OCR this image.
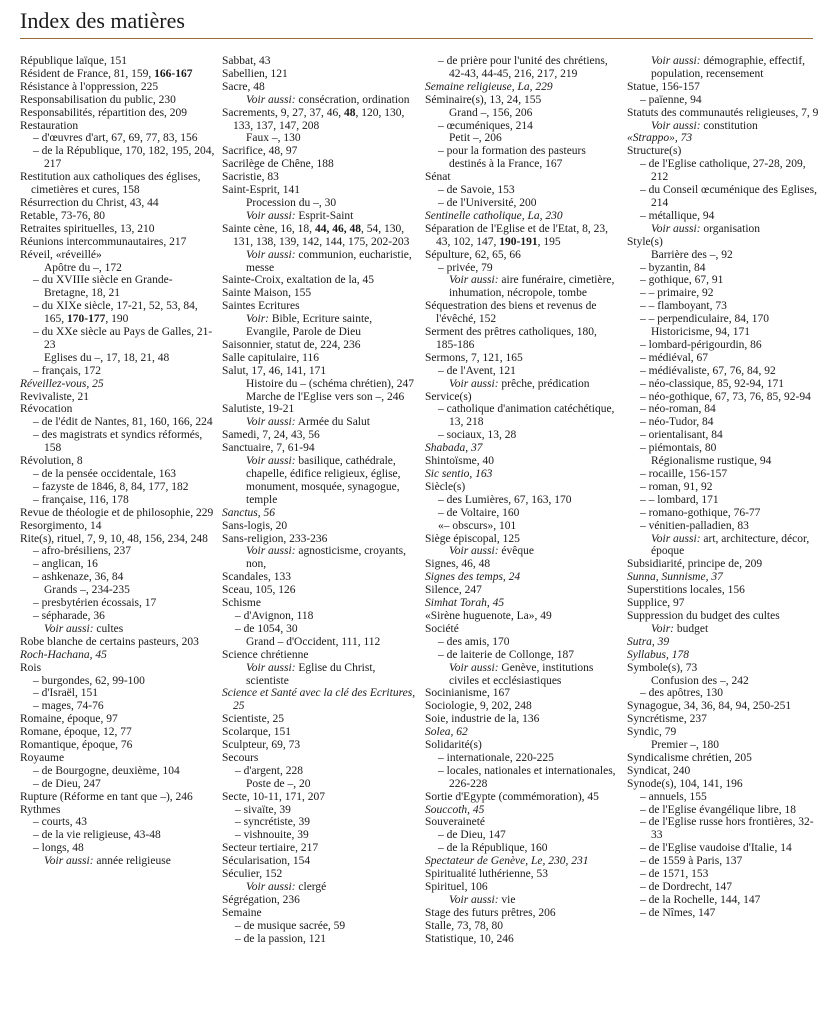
Index des matières
République laïque, 151
Résident de France, 81, 159, 166-167
Résistance à l'oppression, 225
Responsabilisation du public, 230
Responsabilités, répartition des, 209
Restauration
– d'œuvres d'art, 67, 69, 77, 83, 156
– de la République, 170, 182, 195, 204, 217
Restitution aux catholiques des églises, cimetières et cures, 158
Résurrection du Christ, 43, 44
Retable, 73-76, 80
Retraites spirituelles, 13, 210
Réunions intercommunautaires, 217
Réveil, «réveillé»
Apôtre du –, 172
– du XVIIIe siècle en Grande-Bretagne, 18, 21
– du XIXe siècle, 17-21, 52, 53, 84, 165, 170-177, 190
– du XXe siècle au Pays de Galles, 21-23
Eglises du –, 17, 18, 21, 48
– français, 172
Réveillez-vous, 25
Revivaliste, 21
Révocation
– de l'édit de Nantes, 81, 160, 166, 224
– des magistrats et syndics réformés, 158
Révolution, 8
– de la pensée occidentale, 163
– fazyste de 1846, 8, 84, 177, 182
– française, 116, 178
Revue de théologie et de philosophie, 229
Resorgimento, 14
Rite(s), rituel, 7, 9, 10, 48, 156, 234, 248
– afro-brésiliens, 237
– anglican, 16
– ashkenaze, 36, 84
Grands –, 234-235
– presbytérien écossais, 17
– sépharade, 36
Voir aussi: cultes
Robe blanche de certains pasteurs, 203
Roch-Hachana, 45
Rois
– burgondes, 62, 99-100
– d'Israël, 151
– mages, 74-76
Romaine, époque, 97
Romane, époque, 12, 77
Romantique, époque, 76
Royaume
– de Bourgogne, deuxième, 104
– de Dieu, 247
Rupture (Réforme en tant que –), 246
Rythmes
– courts, 43
– de la vie religieuse, 43-48
– longs, 48
Voir aussi: année religieuse
Sabbat, 43
Sabellien, 121
Sacre, 48
Voir aussi: consécration, ordination
Sacrements, 9, 27, 37, 46, 48, 120, 130, 133, 137, 147, 208
Faux –, 130
Sacrifice, 48, 97
Sacrilège de Chêne, 188
Sacristie, 83
Saint-Esprit, 141
Procession du –, 30
Voir aussi: Esprit-Saint
Sainte cène, 16, 18, 44, 46, 48, 54, 130, 131, 138, 139, 142, 144, 175, 202-203
Voir aussi: communion, eucharistie, messe
Sainte-Croix, exaltation de la, 45
Sainte Maison, 155
Saintes Ecritures
Voir: Bible, Ecriture sainte, Evangile, Parole de Dieu
Saisonnier, statut de, 224, 236
Salle capitulaire, 116
Salut, 17, 46, 141, 171
Histoire du – (schéma chrétien), 247
Marche de l'Eglise vers son –, 246
Salutiste, 19-21
Voir aussi: Armée du Salut
Samedi, 7, 24, 43, 56
Sanctuaire, 7, 61-94
Voir aussi: basilique, cathédrale, chapelle, édifice religieux, église, monument, mosquée, synagogue, temple
Sanctus, 56
Sans-logis, 20
Sans-religion, 233-236
Voir aussi: agnosticisme, croyants, non,
Scandales, 133
Sceau, 105, 126
Schisme
– d'Avignon, 118
– de 1054, 30
Grand – d'Occident, 111, 112
Science chrétienne
Voir aussi: Eglise du Christ, scientiste
Science et Santé avec la clé des Ecritures, 25
Scientiste, 25
Scolarque, 151
Sculpteur, 69, 73
Secours
– d'argent, 228
Poste de –, 20
Secte, 10-11, 171, 207
– sivaïte, 39
– syncrétiste, 39
– vishnouite, 39
Secteur tertiaire, 217
Sécularisation, 154
Séculier, 152
Voir aussi: clergé
Ségrégation, 236
Semaine
– de musique sacrée, 59
– de la passion, 121
– de prière pour l'unité des chrétiens, 42-43, 44-45, 216, 217, 219
Semaine religieuse, La, 229
Séminaire(s), 13, 24, 155
Grand –, 156, 206
– œcuméniques, 214
Petit –, 206
– pour la formation des pasteurs destinés à la France, 167
Sénat
– de Savoie, 153
– de l'Université, 200
Sentinelle catholique, La, 230
Séparation de l'Eglise et de l'Etat, 8, 23, 43, 102, 147, 190-191, 195
Sépulture, 62, 65, 66
– privée, 79
Voir aussi: aire funéraire, cimetière, inhumation, nécropole, tombe
Séquestration des biens et revenus de l'évêché, 152
Serment des prêtres catholiques, 180, 185-186
Sermons, 7, 121, 165
– de l'Avent, 121
Voir aussi: prêche, prédication
Service(s)
– catholique d'animation catéchétique, 13, 218
– sociaux, 13, 28
Shabada, 37
Shintoïsme, 40
Sic sentio, 163
Siècle(s)
– des Lumières, 67, 163, 170
– de Voltaire, 160
«– obscurs», 101
Siège épiscopal, 125
Voir aussi: évêque
Signes, 46, 48
Signes des temps, 24
Silence, 247
Simhat Torah, 45
«Sirène huguenote, La», 49
Société
– des amis, 170
– de laiterie de Collonge, 187
Voir aussi: Genève, institutions civiles et ecclésiastiques
Socinianisme, 167
Sociologie, 9, 202, 248
Soie, industrie de la, 136
Solea, 62
Solidarité(s)
– internationale, 220-225
– locales, nationales et internationales, 226-228
Sortie d'Egypte (commémoration), 45
Souccoth, 45
Souveraineté
– de Dieu, 147
– de la République, 160
Spectateur de Genève, Le, 230, 231
Spiritualité luthérienne, 53
Spirituel, 106
Voir aussi: vie
Stage des futurs prêtres, 206
Stalle, 73, 78, 80
Statistique, 10, 246
Voir aussi: démographie, effectif, population, recensement
Statue, 156-157
– païenne, 94
Statuts des communautés religieuses, 7, 9
Voir aussi: constitution
«Strappo», 73
Structure(s)
– de l'Eglise catholique, 27-28, 209, 212
– du Conseil œcuménique des Eglises, 214
– métallique, 94
Voir aussi: organisation
Style(s)
Barrière des –, 92
– byzantin, 84
– gothique, 67, 91
– – primaire, 92
– – flamboyant, 73
– – perpendiculaire, 84, 170
Historicisme, 94, 171
– lombard-périgourdin, 86
– médiéval, 67
– médiévaliste, 67, 76, 84, 92
– néo-classique, 85, 92-94, 171
– néo-gothique, 67, 73, 76, 85, 92-94
– néo-roman, 84
– néo-Tudor, 84
– orientalisant, 84
– piémontais, 80
Régionalisme rustique, 94
– rocaille, 156-157
– roman, 91, 92
– – lombard, 171
– romano-gothique, 76-77
– vénitien-palladien, 83
Voir aussi: art, architecture, décor, époque
Subsidiarité, principe de, 209
Sunna, Sunnisme, 37
Superstitions locales, 156
Supplice, 97
Suppression du budget des cultes
Voir: budget
Sutra, 39
Syllabus, 178
Symbole(s), 73
Confusion des –, 242
– des apôtres, 130
Synagogue, 34, 36, 84, 94, 250-251
Syncrétisme, 237
Syndic, 79
Premier –, 180
Syndicalisme chrétien, 205
Syndicat, 240
Synode(s), 104, 141, 196
– annuels, 155
– de l'Eglise évangélique libre, 18
– de l'Eglise russe hors frontières, 32-33
– de l'Eglise vaudoise d'Italie, 14
– de 1559 à Paris, 137
– de 1571, 153
– de Dordrecht, 147
– de la Rochelle, 144, 147
– de Nîmes, 147
